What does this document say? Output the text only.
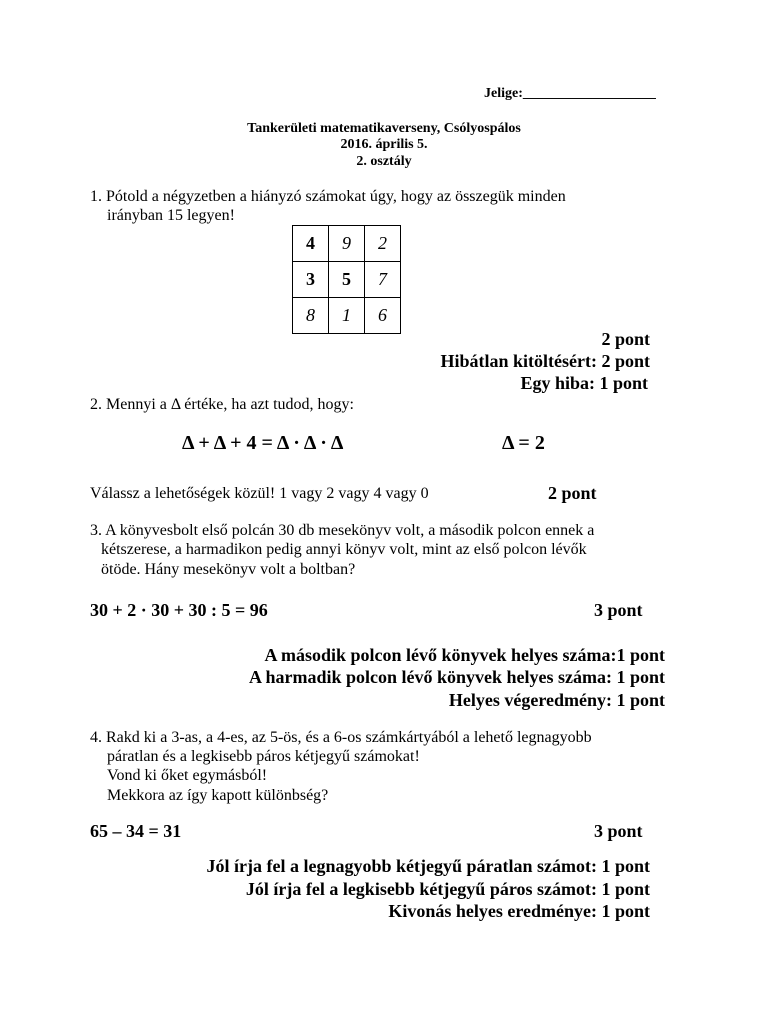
Jelige:___________________
Tankerületi matematikaverseny, Csólyospálos
2016. április 5.
2. osztály
1. Pótold a négyzetben a hiányzó számokat úgy, hogy az összegük minden
irányban 15 legyen!
4	9	2
3	5	7
8	1	6
2 pont
Hibátlan kitöltésért: 2 pont
Egy hiba: 1 pont
2. Mennyi a Δ értéke, ha azt tudod, hogy:
Δ + Δ + 4 = Δ · Δ · Δ	Δ = 2
Válassz a lehetőségek közül! 1 vagy 2 vagy 4 vagy 0	2 pont
3. A könyvesbolt első polcán 30 db mesekönyv volt, a második polcon ennek a
kétszerese, a harmadikon pedig annyi könyv volt, mint az első polcon lévők
ötöde. Hány mesekönyv volt a boltban?
30 + 2 · 30 + 30 : 5 = 96	3 pont
A második polcon lévő könyvek helyes száma:1 pont
A harmadik polcon lévő könyvek helyes száma: 1 pont
Helyes végeredmény: 1 pont
4. Rakd ki a 3-as, a 4-es, az 5-ös, és a 6-os számkártyából a lehető legnagyobb
páratlan és a legkisebb páros kétjegyű számokat!
Vond ki őket egymásból!
Mekkora az így kapott különbség?
65 – 34 = 31	3 pont
Jól írja fel a legnagyobb kétjegyű páratlan számot: 1 pont
Jól írja fel a legkisebb kétjegyű páros számot: 1 pont
Kivonás helyes eredménye: 1 pont
